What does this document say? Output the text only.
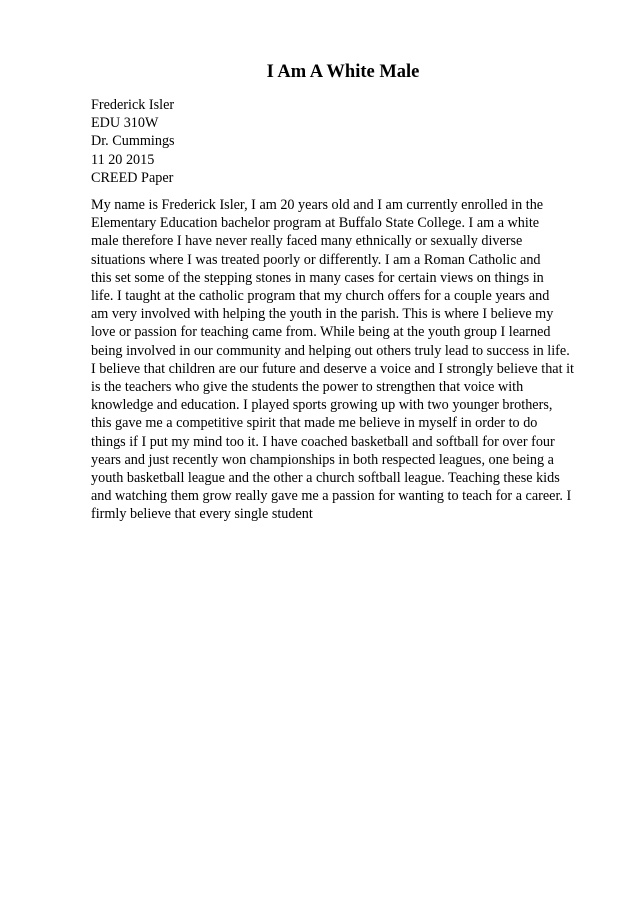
I Am A White Male
Frederick Isler
EDU 310W
Dr. Cummings
11 20 2015
CREED Paper

My name is Frederick Isler, I am 20 years old and I am currently enrolled in the
Elementary Education bachelor program at Buffalo State College. I am a white
male therefore I have never really faced many ethnically or sexually diverse
situations where I was treated poorly or differently. I am a Roman Catholic and
this set some of the stepping stones in many cases for certain views on things in
life. I taught at the catholic program that my church offers for a couple years and
am very involved with helping the youth in the parish. This is where I believe my
love or passion for teaching came from. While being at the youth group I learned
being involved in our community and helping out others truly lead to success in life.
I believe that children are our future and deserve a voice and I strongly believe that it
is the teachers who give the students the power to strengthen that voice with
knowledge and education. I played sports growing up with two younger brothers,
this gave me a competitive spirit that made me believe in myself in order to do
things if I put my mind too it. I have coached basketball and softball for over four
years and just recently won championships in both respected leagues, one being a
youth basketball league and the other a church softball league. Teaching these kids
and watching them grow really gave me a passion for wanting to teach for a career. I
firmly believe that every single student
